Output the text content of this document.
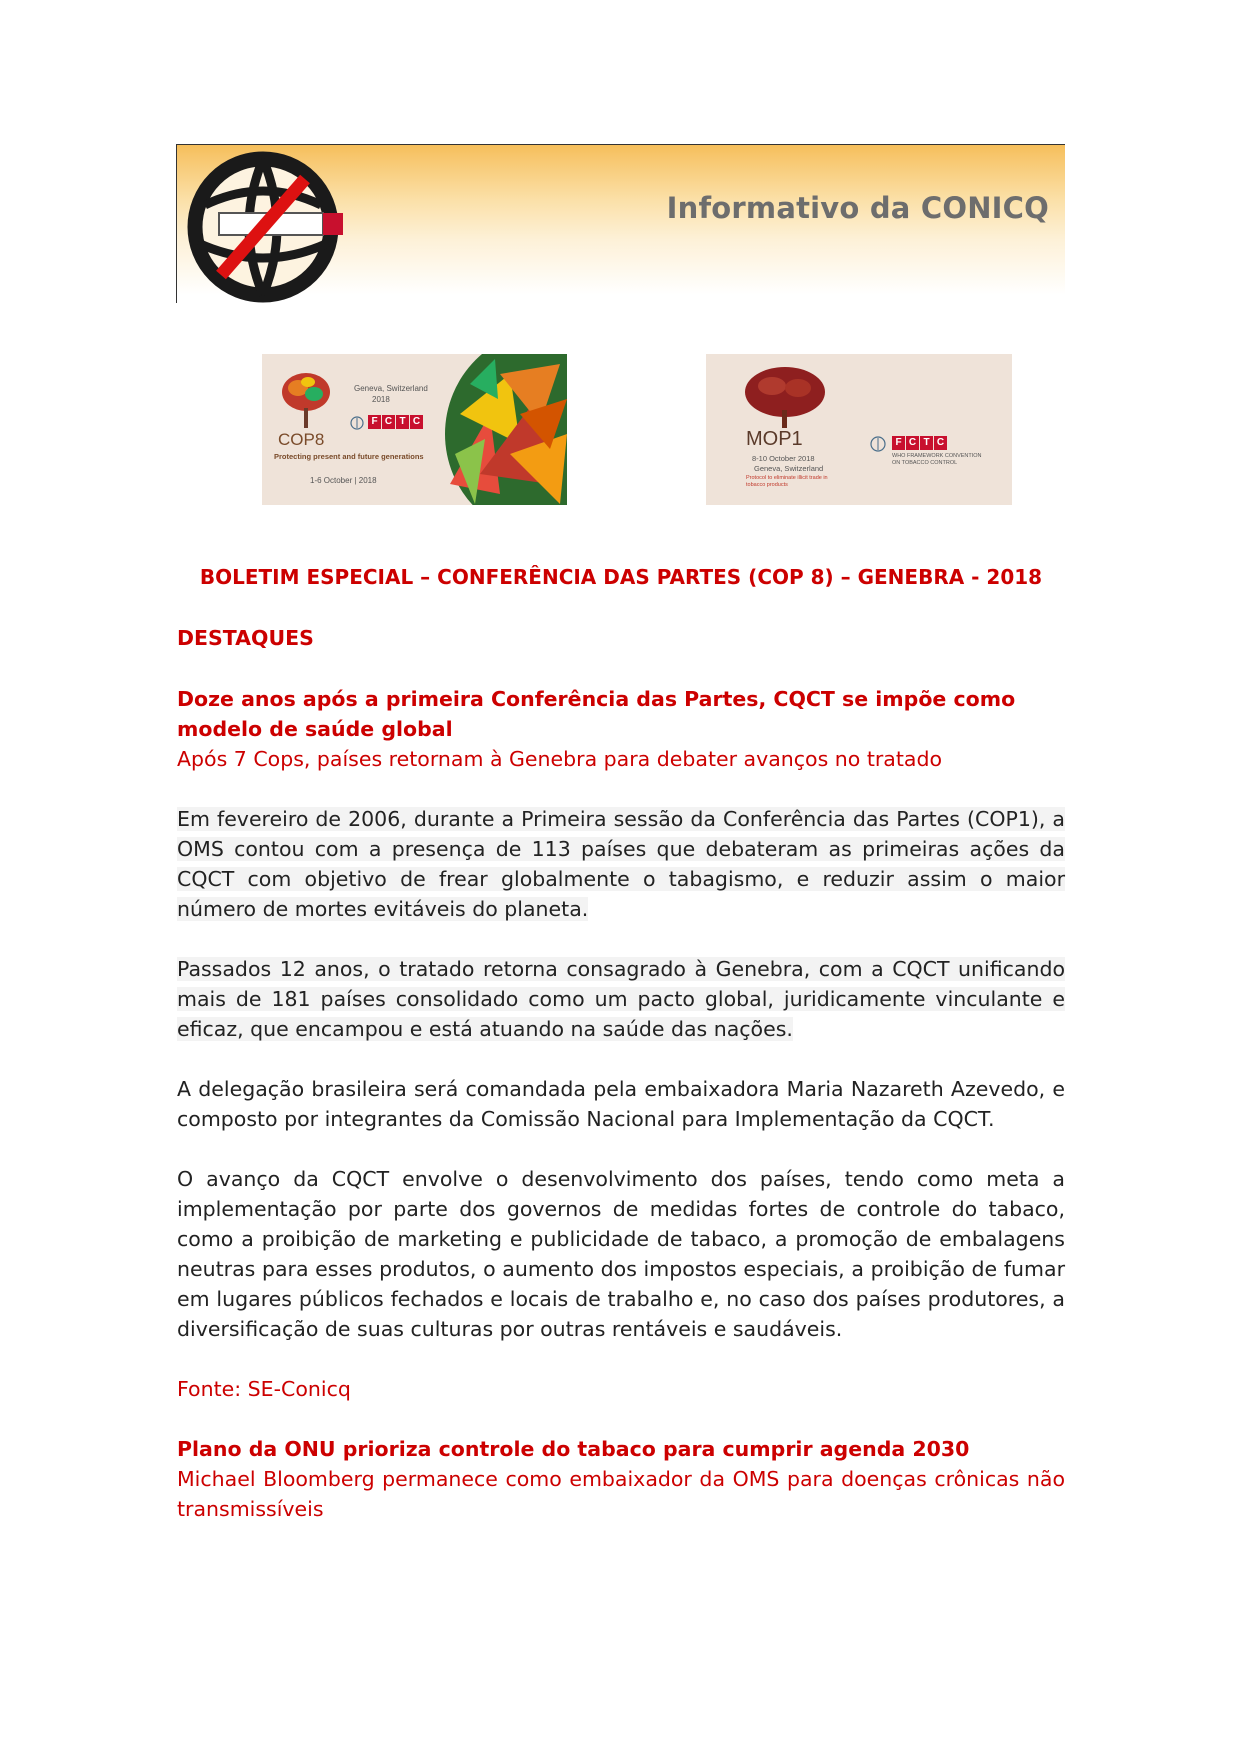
Informativo da CONICQ
Geneva, Switzerland
2018
COP8
F C T C
Protecting present and future generations
1-6 October | 2018
MOP1
8-10 October 2018
Geneva, Switzerland
Protocol to eliminate illicit trade in tobacco products
F C T C
WHO FRAMEWORK CONVENTION ON TOBACCO CONTROL

BOLETIM ESPECIAL – CONFERÊNCIA DAS PARTES (COP 8) – GENEBRA - 2018

DESTAQUES

Doze anos após a primeira Conferência das Partes, CQCT se impõe como modelo de saúde global

Após 7 Cops, países retornam à Genebra para debater avanços no tratado

Em fevereiro de 2006, durante a Primeira sessão da Conferência das Partes (COP1), a OMS contou com a presença de 113 países que debateram as primeiras ações da CQCT com objetivo de frear globalmente o tabagismo, e reduzir assim o maior número de mortes evitáveis do planeta.

Passados 12 anos, o tratado retorna consagrado à Genebra, com a CQCT unificando mais de 181 países consolidado como um pacto global, juridicamente vinculante e eficaz, que encampou e está atuando na saúde das nações.

A delegação brasileira será comandada pela embaixadora Maria Nazareth Azevedo, e composto por integrantes da Comissão Nacional para Implementação da CQCT.

O avanço da CQCT envolve o desenvolvimento dos países, tendo como meta a implementação por parte dos governos de medidas fortes de controle do tabaco, como a proibição de marketing e publicidade de tabaco, a promoção de embalagens neutras para esses produtos, o aumento dos impostos especiais, a proibição de fumar em lugares públicos fechados e locais de trabalho e, no caso dos países produtores, a diversificação de suas culturas por outras rentáveis e saudáveis.

Fonte: SE-Conicq

Plano da ONU prioriza controle do tabaco para cumprir agenda 2030

Michael Bloomberg permanece como embaixador da OMS para doenças crônicas não transmissíveis
